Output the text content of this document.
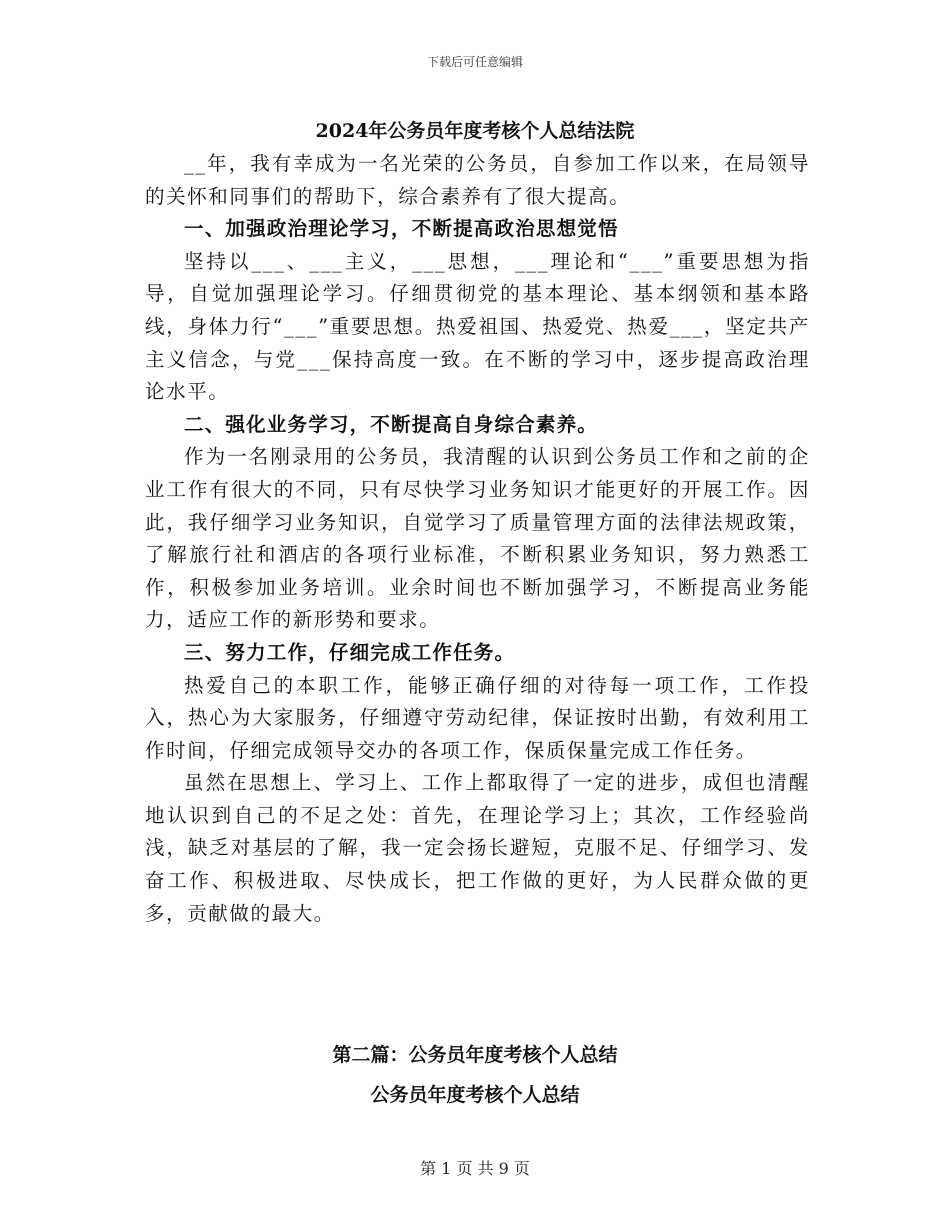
下载后可任意编辑
2024年公务员年度考核个人总结法院

__年，我有幸成为一名光荣的公务员，自参加工作以来，在局领导的关怀和同事们的帮助下，综合素养有了很大提高。

一、加强政治理论学习，不断提高政治思想觉悟

坚持以___、___主义，___思想，___理论和“___”重要思想为指导，自觉加强理论学习。仔细贯彻党的基本理论、基本纲领和基本路线，身体力行“___”重要思想。热爱祖国、热爱党、热爱___，坚定共产主义信念，与党___保持高度一致。在不断的学习中，逐步提高政治理论水平。

二、强化业务学习，不断提高自身综合素养。

作为一名刚录用的公务员，我清醒的认识到公务员工作和之前的企业工作有很大的不同，只有尽快学习业务知识才能更好的开展工作。因此，我仔细学习业务知识，自觉学习了质量管理方面的法律法规政策，了解旅行社和酒店的各项行业标准，不断积累业务知识，努力熟悉工作，积极参加业务培训。业余时间也不断加强学习，不断提高业务能力，适应工作的新形势和要求。

三、努力工作，仔细完成工作任务。

热爱自己的本职工作，能够正确仔细的对待每一项工作，工作投入，热心为大家服务，仔细遵守劳动纪律，保证按时出勤，有效利用工作时间，仔细完成领导交办的各项工作，保质保量完成工作任务。

虽然在思想上、学习上、工作上都取得了一定的进步，成但也清醒地认识到自己的不足之处：首先，在理论学习上；其次，工作经验尚浅，缺乏对基层的了解，我一定会扬长避短，克服不足、仔细学习、发奋工作、积极进取、尽快成长，把工作做的更好，为人民群众做的更多，贡献做的最大。

第二篇：公务员年度考核个人总结
公务员年度考核个人总结
第 1 页 共 9 页
